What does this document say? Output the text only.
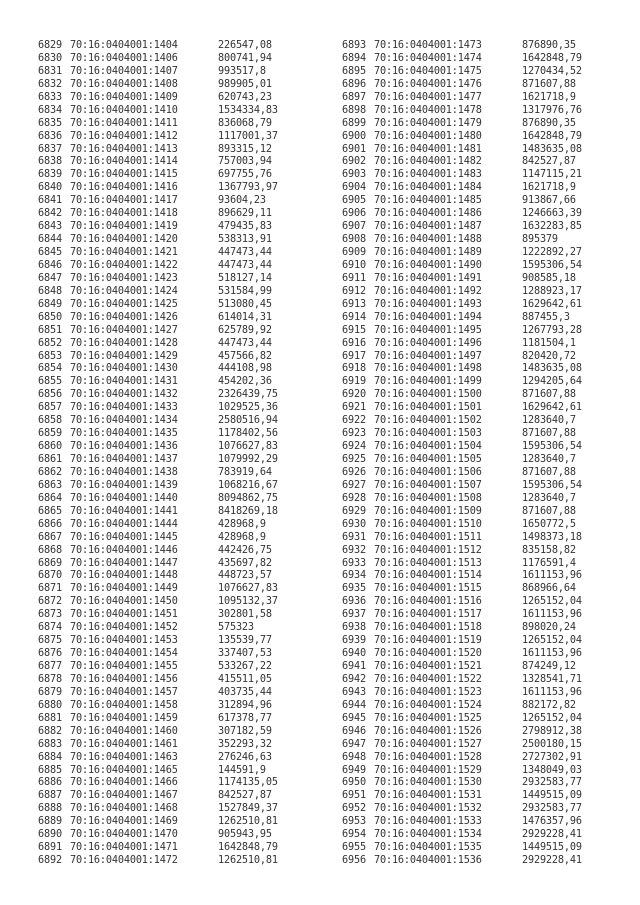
6829 70:16:0404001:1404	226547,08
6830 70:16:0404001:1406	800741,94
6831 70:16:0404001:1407	993517,8
6832 70:16:0404001:1408	989905,01
6833 70:16:0404001:1409	620743,23
6834 70:16:0404001:1410	1534334,83
6835 70:16:0404001:1411	836068,79
6836 70:16:0404001:1412	1117001,37
6837 70:16:0404001:1413	893315,12
6838 70:16:0404001:1414	757003,94
6839 70:16:0404001:1415	697755,76
6840 70:16:0404001:1416	1367793,97
6841 70:16:0404001:1417	93604,23
6842 70:16:0404001:1418	896629,11
6843 70:16:0404001:1419	479435,83
6844 70:16:0404001:1420	538313,91
6845 70:16:0404001:1421	447473,44
6846 70:16:0404001:1422	447473,44
6847 70:16:0404001:1423	518127,14
6848 70:16:0404001:1424	531584,99
6849 70:16:0404001:1425	513080,45
6850 70:16:0404001:1426	614014,31
6851 70:16:0404001:1427	625789,92
6852 70:16:0404001:1428	447473,44
6853 70:16:0404001:1429	457566,82
6854 70:16:0404001:1430	444108,98
6855 70:16:0404001:1431	454202,36
6856 70:16:0404001:1432	2326439,75
6857 70:16:0404001:1433	1029525,36
6858 70:16:0404001:1434	2580516,94
6859 70:16:0404001:1435	1178402,56
6860 70:16:0404001:1436	1076627,83
6861 70:16:0404001:1437	1079992,29
6862 70:16:0404001:1438	783919,64
6863 70:16:0404001:1439	1068216,67
6864 70:16:0404001:1440	8094862,75
6865 70:16:0404001:1441	8418269,18
6866 70:16:0404001:1444	428968,9
6867 70:16:0404001:1445	428968,9
6868 70:16:0404001:1446	442426,75
6869 70:16:0404001:1447	435697,82
6870 70:16:0404001:1448	448723,57
6871 70:16:0404001:1449	1076627,83
6872 70:16:0404001:1450	1095132,37
6873 70:16:0404001:1451	302801,58
6874 70:16:0404001:1452	575323
6875 70:16:0404001:1453	135539,77
6876 70:16:0404001:1454	337407,53
6877 70:16:0404001:1455	533267,22
6878 70:16:0404001:1456	415511,05
6879 70:16:0404001:1457	403735,44
6880 70:16:0404001:1458	312894,96
6881 70:16:0404001:1459	617378,77
6882 70:16:0404001:1460	307182,59
6883 70:16:0404001:1461	352293,32
6884 70:16:0404001:1463	276246,63
6885 70:16:0404001:1465	144591,9
6886 70:16:0404001:1466	1174135,05
6887 70:16:0404001:1467	842527,87
6888 70:16:0404001:1468	1527849,37
6889 70:16:0404001:1469	1262510,81
6890 70:16:0404001:1470	905943,95
6891 70:16:0404001:1471	1642848,79
6892 70:16:0404001:1472	1262510,81
6893 70:16:0404001:1473	876890,35
6894 70:16:0404001:1474	1642848,79
6895 70:16:0404001:1475	1270434,52
6896 70:16:0404001:1476	871607,88
6897 70:16:0404001:1477	1621718,9
6898 70:16:0404001:1478	1317976,76
6899 70:16:0404001:1479	876890,35
6900 70:16:0404001:1480	1642848,79
6901 70:16:0404001:1481	1483635,08
6902 70:16:0404001:1482	842527,87
6903 70:16:0404001:1483	1147115,21
6904 70:16:0404001:1484	1621718,9
6905 70:16:0404001:1485	913867,66
6906 70:16:0404001:1486	1246663,39
6907 70:16:0404001:1487	1632283,85
6908 70:16:0404001:1488	895379
6909 70:16:0404001:1489	1222892,27
6910 70:16:0404001:1490	1595306,54
6911 70:16:0404001:1491	908585,18
6912 70:16:0404001:1492	1288923,17
6913 70:16:0404001:1493	1629642,61
6914 70:16:0404001:1494	887455,3
6915 70:16:0404001:1495	1267793,28
6916 70:16:0404001:1496	1181504,1
6917 70:16:0404001:1497	820420,72
6918 70:16:0404001:1498	1483635,08
6919 70:16:0404001:1499	1294205,64
6920 70:16:0404001:1500	871607,88
6921 70:16:0404001:1501	1629642,61
6922 70:16:0404001:1502	1283640,7
6923 70:16:0404001:1503	871607,88
6924 70:16:0404001:1504	1595306,54
6925 70:16:0404001:1505	1283640,7
6926 70:16:0404001:1506	871607,88
6927 70:16:0404001:1507	1595306,54
6928 70:16:0404001:1508	1283640,7
6929 70:16:0404001:1509	871607,88
6930 70:16:0404001:1510	1650772,5
6931 70:16:0404001:1511	1498373,18
6932 70:16:0404001:1512	835158,82
6933 70:16:0404001:1513	1176591,4
6934 70:16:0404001:1514	1611153,96
6935 70:16:0404001:1515	868966,64
6936 70:16:0404001:1516	1265152,04
6937 70:16:0404001:1517	1611153,96
6938 70:16:0404001:1518	898020,24
6939 70:16:0404001:1519	1265152,04
6940 70:16:0404001:1520	1611153,96
6941 70:16:0404001:1521	874249,12
6942 70:16:0404001:1522	1328541,71
6943 70:16:0404001:1523	1611153,96
6944 70:16:0404001:1524	882172,82
6945 70:16:0404001:1525	1265152,04
6946 70:16:0404001:1526	2798912,38
6947 70:16:0404001:1527	2500180,15
6948 70:16:0404001:1528	2727302,91
6949 70:16:0404001:1529	1348049,03
6950 70:16:0404001:1530	2932583,77
6951 70:16:0404001:1531	1449515,09
6952 70:16:0404001:1532	2932583,77
6953 70:16:0404001:1533	1476357,96
6954 70:16:0404001:1534	2929228,41
6955 70:16:0404001:1535	1449515,09
6956 70:16:0404001:1536	2929228,41
